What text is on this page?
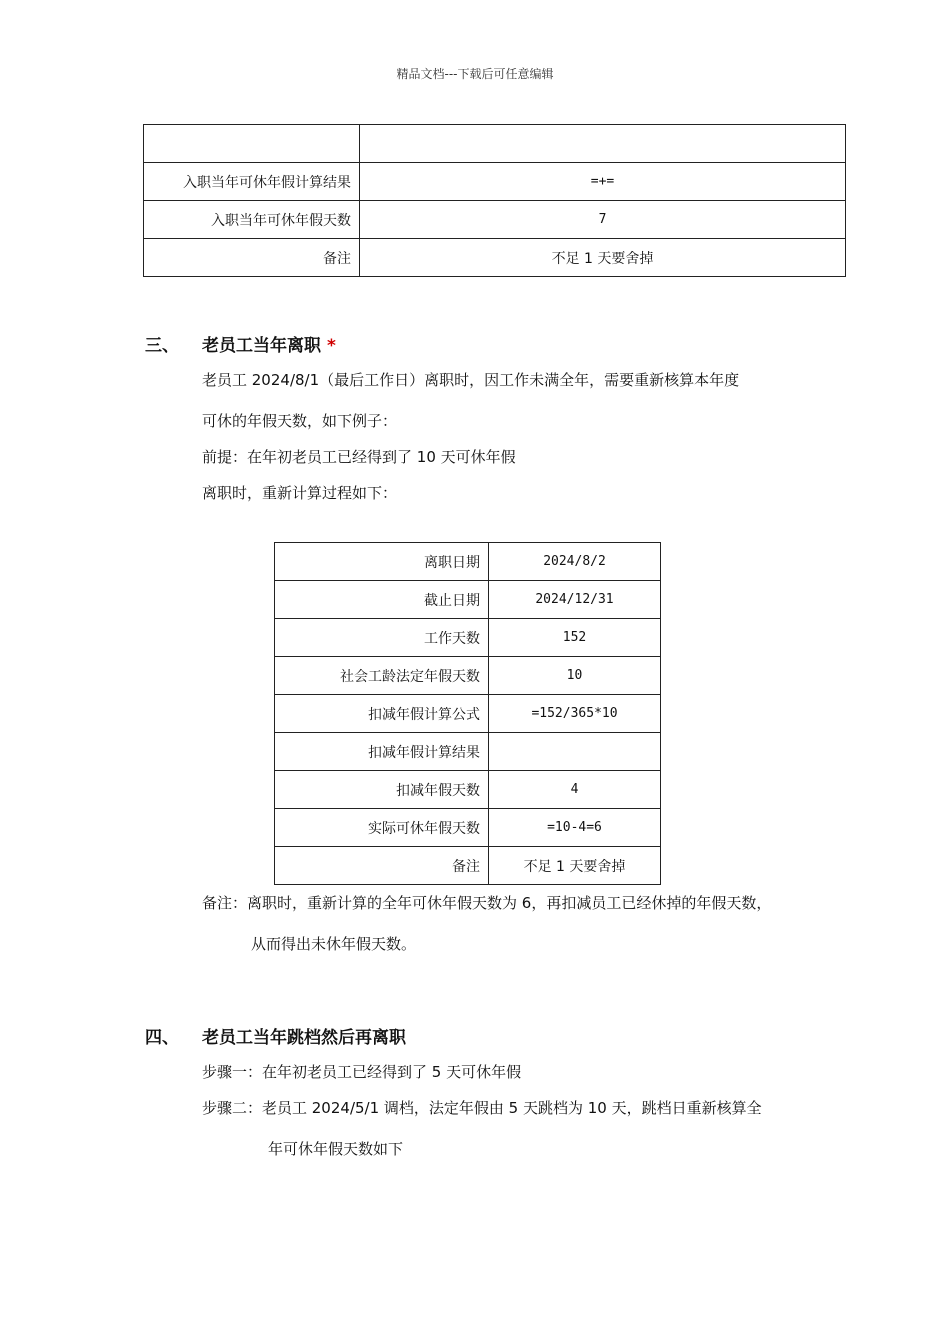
精品文档---下载后可任意编辑

入职当年可休年假计算结果	=+=
入职当年可休年假天数	7
备注	不足 1 天要舍掉
三、 老员工当年离职 *
老员工 2024/8/1（最后工作日）离职时，因工作未满全年，需要重新核算本年度
可休的年假天数，如下例子：
前提：在年初老员工已经得到了 10 天可休年假
离职时，重新计算过程如下：
离职日期	2024/8/2
截止日期	2024/12/31
工作天数	152
社会工龄法定年假天数	10
扣减年假计算公式	=152/365*10
扣减年假计算结果	
扣减年假天数	4
实际可休年假天数	=10-4=6
备注	不足 1 天要舍掉
备注：离职时，重新计算的全年可休年假天数为 6，再扣减员工已经休掉的年假天数，
从而得出未休年假天数。
四、 老员工当年跳档然后再离职
步骤一：在年初老员工已经得到了 5 天可休年假
步骤二：老员工 2024/5/1 调档，法定年假由 5 天跳档为 10 天，跳档日重新核算全
年可休年假天数如下
